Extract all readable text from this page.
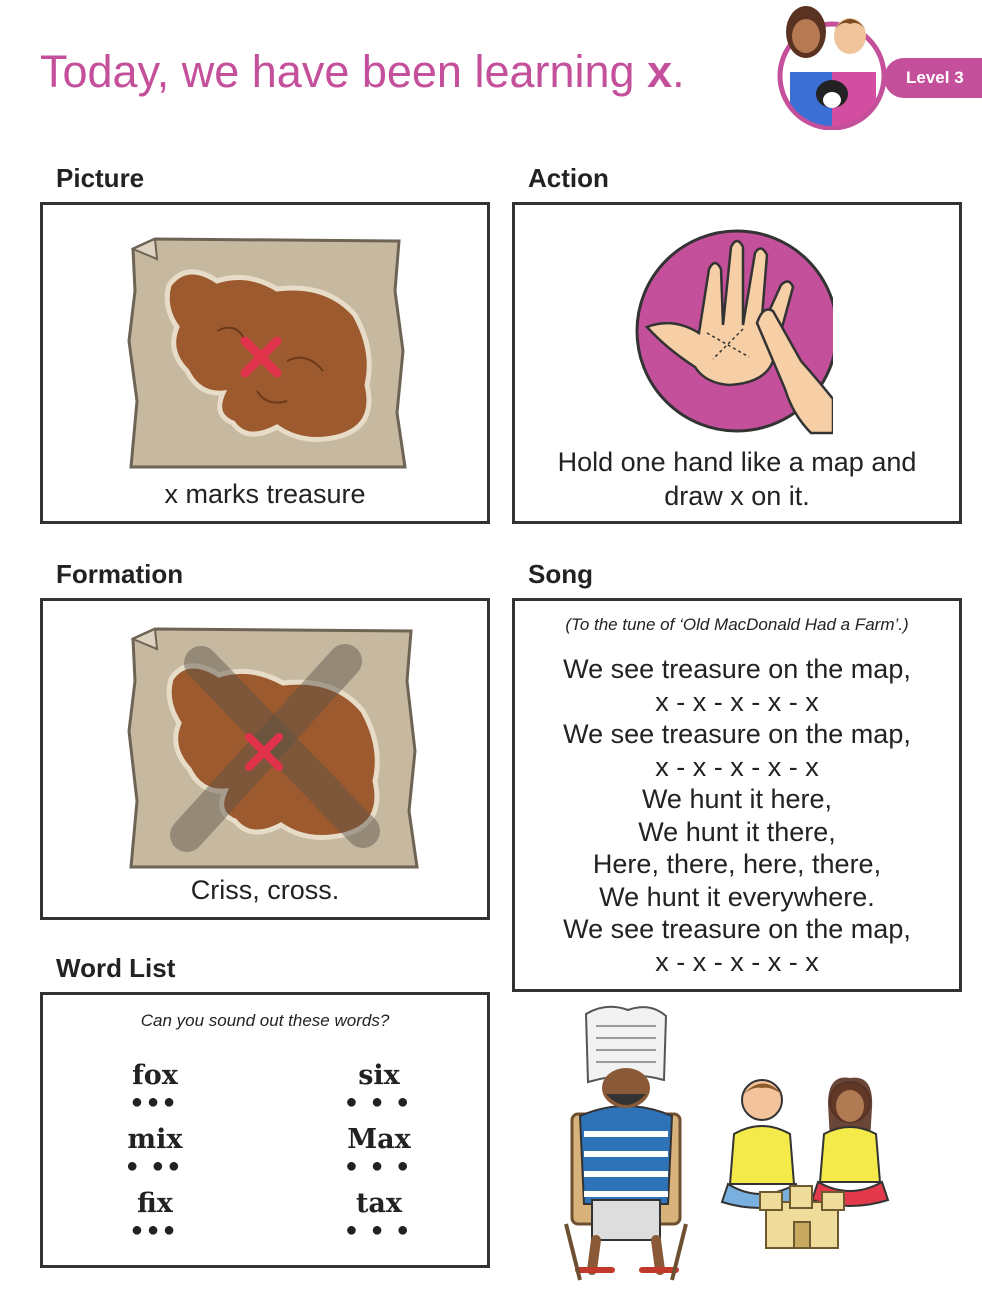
Today, we have been learning x.	Level 3
Picture
x marks treasure
Action
Hold one hand like a map and
draw x on it.
Formation
Criss, cross.
Song
(To the tune of ‘Old MacDonald Had a Farm’.)
We see treasure on the map,
x - x - x - x - x
We see treasure on the map,
x - x - x - x - x
We hunt it here,
We hunt it there,
Here, there, here, there,
We hunt it everywhere.
We see treasure on the map,
x - x - x - x - x
Word List
Can you sound out these words?
fox
●●●
six
● ● ●
mix
● ●●
Max
● ● ●
fix
●●●
tax
● ● ●
